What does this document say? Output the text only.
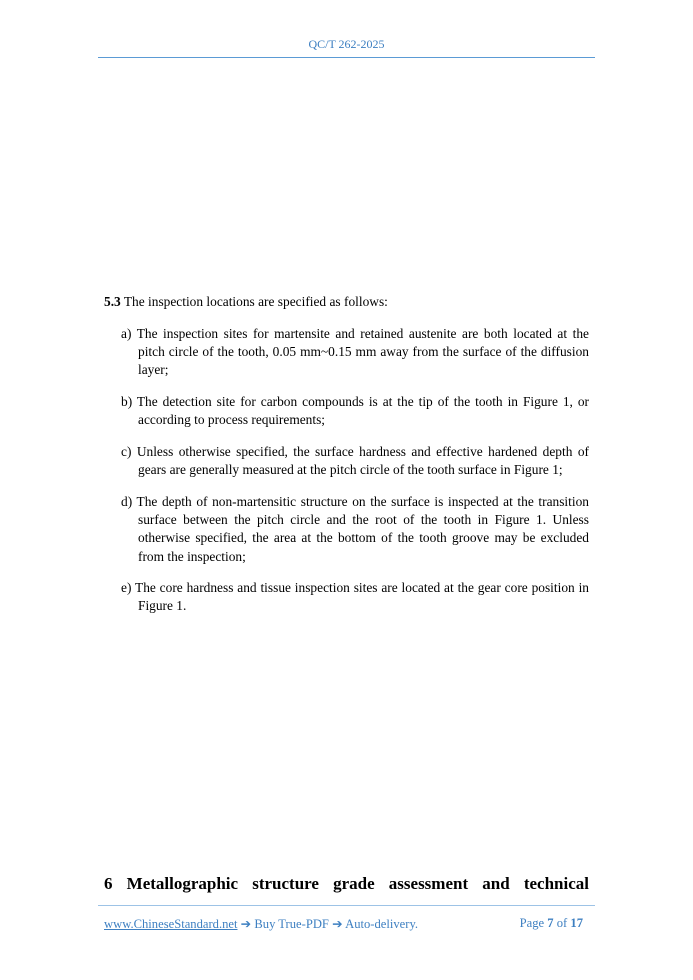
QC/T 262-2025
5.3 The inspection locations are specified as follows:

a) The inspection sites for martensite and retained austenite are both located at the pitch circle of the tooth, 0.05 mm~0.15 mm away from the surface of the diffusion layer;

b) The detection site for carbon compounds is at the tip of the tooth in Figure 1, or according to process requirements;

c) Unless otherwise specified, the surface hardness and effective hardened depth of gears are generally measured at the pitch circle of the tooth surface in Figure 1;

d) The depth of non-martensitic structure on the surface is inspected at the transition surface between the pitch circle and the root of the tooth in Figure 1. Unless otherwise specified, the area at the bottom of the tooth groove may be excluded from the inspection;

e) The core hardness and tissue inspection sites are located at the gear core position in Figure 1.

6 Metallographic structure grade assessment and technical
www.ChineseStandard.net ➔ Buy True-PDF ➔ Auto-delivery.	Page 7 of 17
